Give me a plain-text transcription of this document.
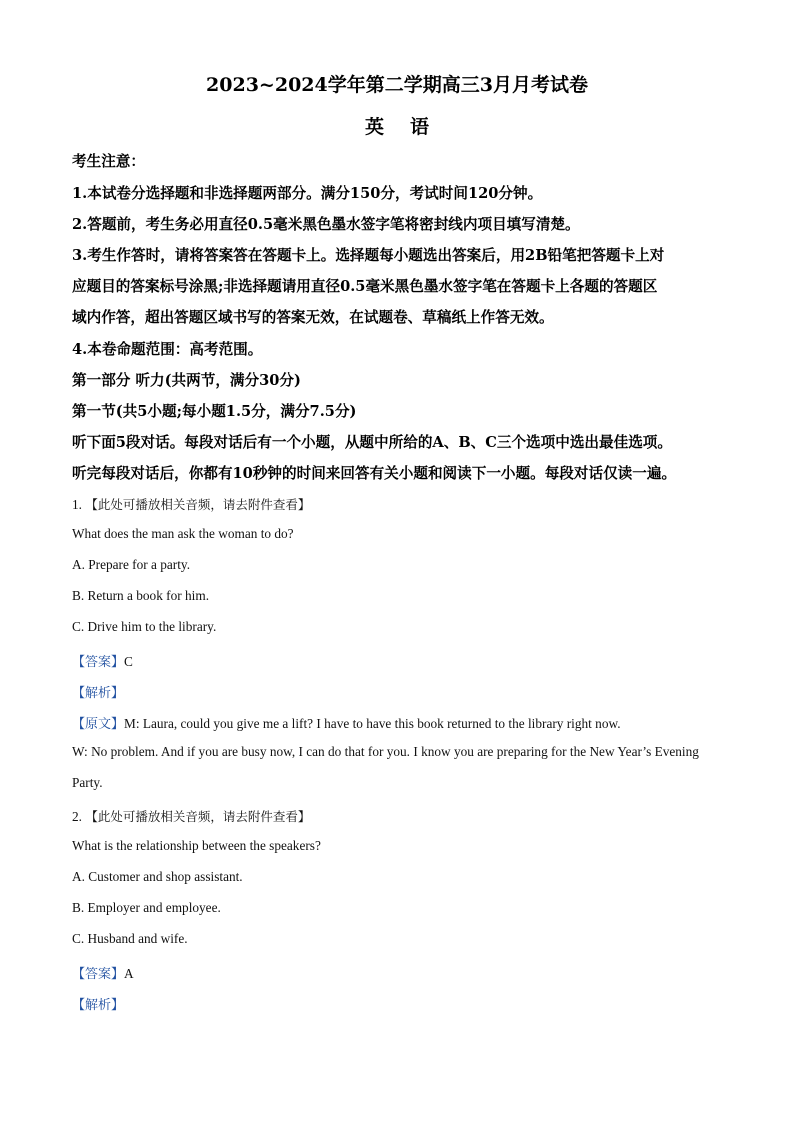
2023~2024学年第二学期高三3月月考试卷
英语
考生注意：
1.本试卷分选择题和非选择题两部分。满分150分，考试时间120分钟。
2.答题前，考生务必用直径0.5毫米黑色墨水签字笔将密封线内项目填写清楚。
3.考生作答时，请将答案答在答题卡上。选择题每小题选出答案后，用2B铅笔把答题卡上对
应题目的答案标号涂黑;非选择题请用直径0.5毫米黑色墨水签字笔在答题卡上各题的答题区
域内作答，超出答题区域书写的答案无效，在试题卷、草稿纸上作答无效。
4.本卷命题范围：高考范围。
第一部分 听力(共两节，满分30分)
第一节(共5小题;每小题1.5分，满分7.5分)
听下面5段对话。每段对话后有一个小题，从题中所给的A、B、C三个选项中选出最佳选项。
听完每段对话后，你都有10秒钟的时间来回答有关小题和阅读下一小题。每段对话仅读一遍。
1. 【此处可播放相关音频，请去附件查看】
What does the man ask the woman to do?
A. Prepare for a party.
B. Return a book for him.
C. Drive him to the library.
【答案】C
【解析】
【原文】M: Laura, could you give me a lift? I have to have this book returned to the library right now.
W: No problem. And if you are busy now, I can do that for you. I know you are preparing for the New Year’s Evening
Party.
2. 【此处可播放相关音频，请去附件查看】
What is the relationship between the speakers?
A. Customer and shop assistant.
B. Employer and employee.
C. Husband and wife.
【答案】A
【解析】
